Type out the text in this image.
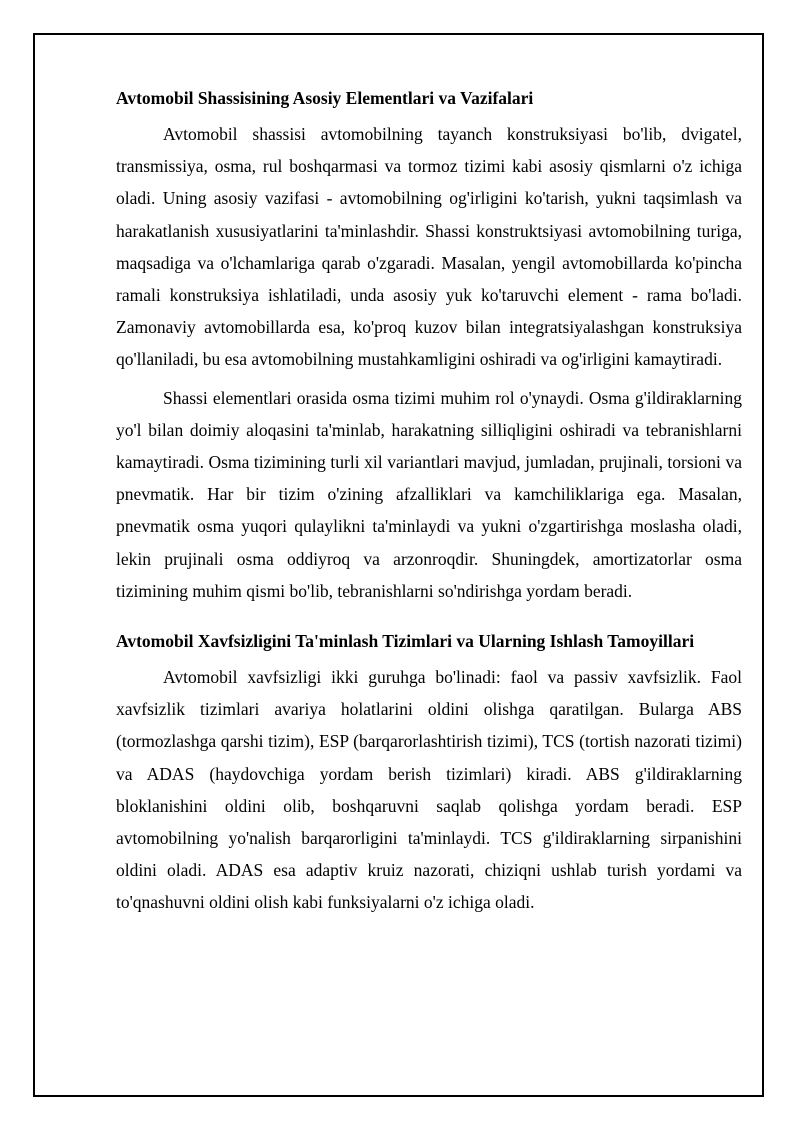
Avtomobil Shassisining Asosiy Elementlari va Vazifalari

Avtomobil shassisi avtomobilning tayanch konstruksiyasi bo'lib, dvigatel, transmissiya, osma, rul boshqarmasi va tormoz tizimi kabi asosiy qismlarni o'z ichiga oladi. Uning asosiy vazifasi - avtomobilning og'irligini ko'tarish, yukni taqsimlash va harakatlanish xususiyatlarini ta'minlashdir. Shassi konstruktsiyasi avtomobilning turiga, maqsadiga va o'lchamlariga qarab o'zgaradi. Masalan, yengil avtomobillarda ko'pincha ramali konstruksiya ishlatiladi, unda asosiy yuk ko'taruvchi element - rama bo'ladi. Zamonaviy avtomobillarda esa, ko'proq kuzov bilan integratsiyalashgan konstruksiya qo'llaniladi, bu esa avtomobilning mustahkamligini oshiradi va og'irligini kamaytiradi.

Shassi elementlari orasida osma tizimi muhim rol o'ynaydi. Osma g'ildiraklarning yo'l bilan doimiy aloqasini ta'minlab, harakatning silliqligini oshiradi va tebranishlarni kamaytiradi. Osma tizimining turli xil variantlari mavjud, jumladan, prujinali, torsioni va pnevmatik. Har bir tizim o'zining afzalliklari va kamchiliklariga ega. Masalan, pnevmatik osma yuqori qulaylikni ta'minlaydi va yukni o'zgartirishga moslasha oladi, lekin prujinali osma oddiyroq va arzonroqdir. Shuningdek, amortizatorlar osma tizimining muhim qismi bo'lib, tebranishlarni so'ndirishga yordam beradi.

Avtomobil Xavfsizligini Ta'minlash Tizimlari va Ularning Ishlash Tamoyillari

Avtomobil xavfsizligi ikki guruhga bo'linadi: faol va passiv xavfsizlik. Faol xavfsizlik tizimlari avariya holatlarini oldini olishga qaratilgan. Bularga ABS (tormozlashga qarshi tizim), ESP (barqarorlashtirish tizimi), TCS (tortish nazorati tizimi) va ADAS (haydovchiga yordam berish tizimlari) kiradi. ABS g'ildiraklarning bloklanishini oldini olib, boshqaruvni saqlab qolishga yordam beradi. ESP avtomobilning yo'nalish barqarorligini ta'minlaydi. TCS g'ildiraklarning sirpanishini oldini oladi. ADAS esa adaptiv kruiz nazorati, chiziqni ushlab turish yordami va to'qnashuvni oldini olish kabi funksiyalarni o'z ichiga oladi.
